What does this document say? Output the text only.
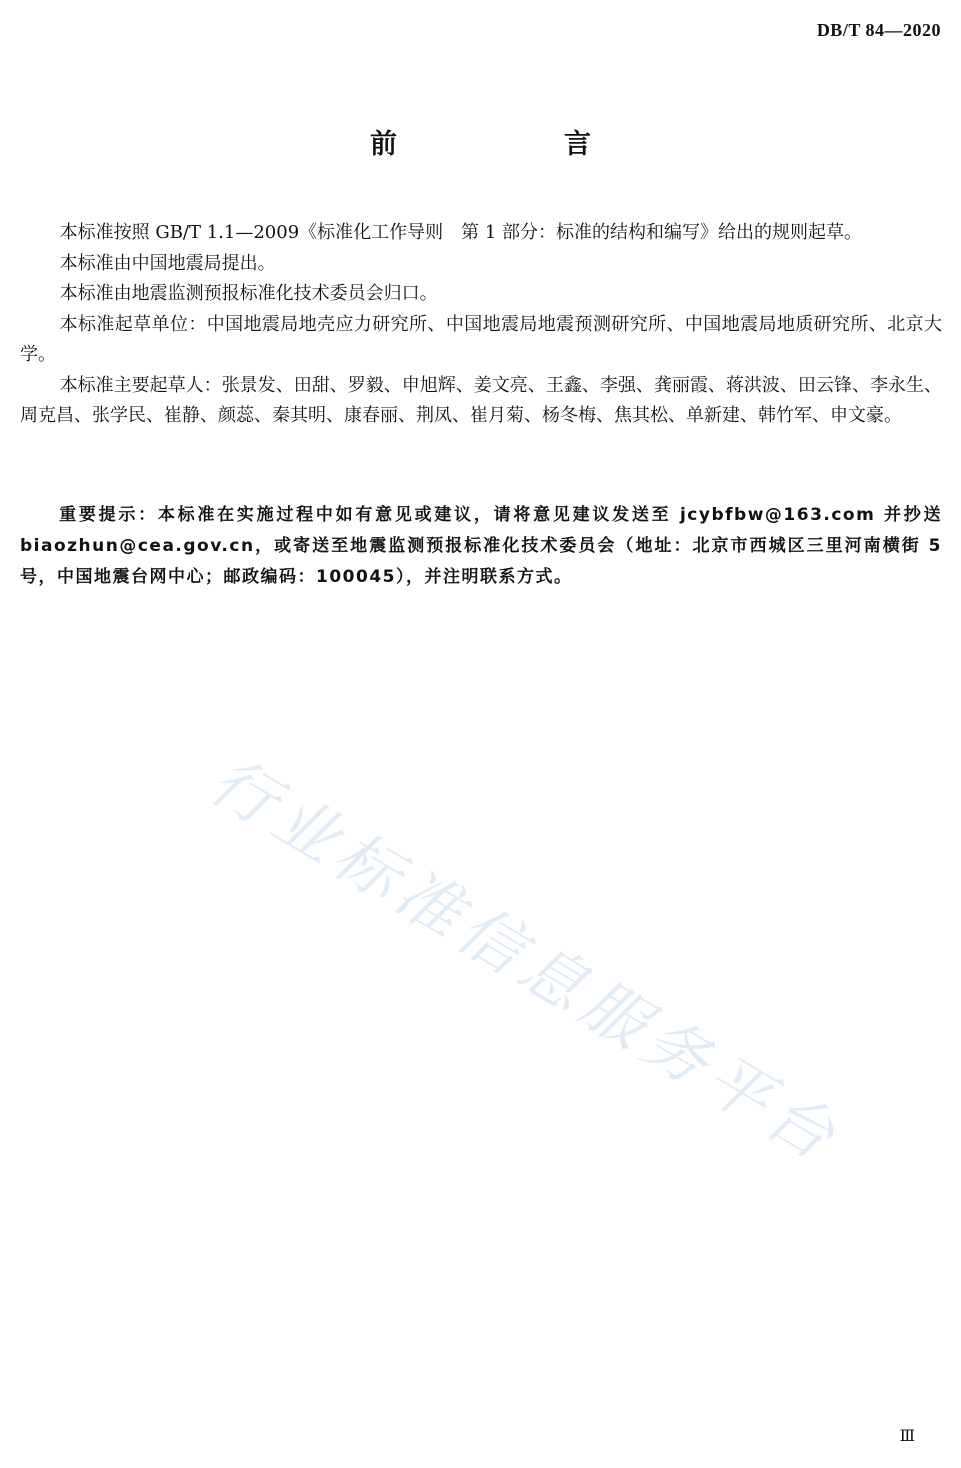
DB/T 84—2020
前　言

本标准按照 GB/T 1.1—2009《标准化工作导则　第 1 部分：标准的结构和编写》给出的规则起草。

本标准由中国地震局提出。

本标准由地震监测预报标准化技术委员会归口。

本标准起草单位：中国地震局地壳应力研究所、中国地震局地震预测研究所、中国地震局地质研究所、北京大学。

本标准主要起草人：张景发、田甜、罗毅、申旭辉、姜文亮、王鑫、李强、龚丽霞、蒋洪波、田云锋、李永生、周克昌、张学民、崔静、颜蕊、秦其明、康春丽、荆凤、崔月菊、杨冬梅、焦其松、单新建、韩竹军、申文豪。

重要提示：本标准在实施过程中如有意见或建议，请将意见建议发送至 jcybfbw@163.com 并抄送 biaozhun@cea.gov.cn，或寄送至地震监测预报标准化技术委员会（地址：北京市西城区三里河南横街 5 号，中国地震台网中心；邮政编码：100045），并注明联系方式。

行业标准信息服务平台
Ⅲ
